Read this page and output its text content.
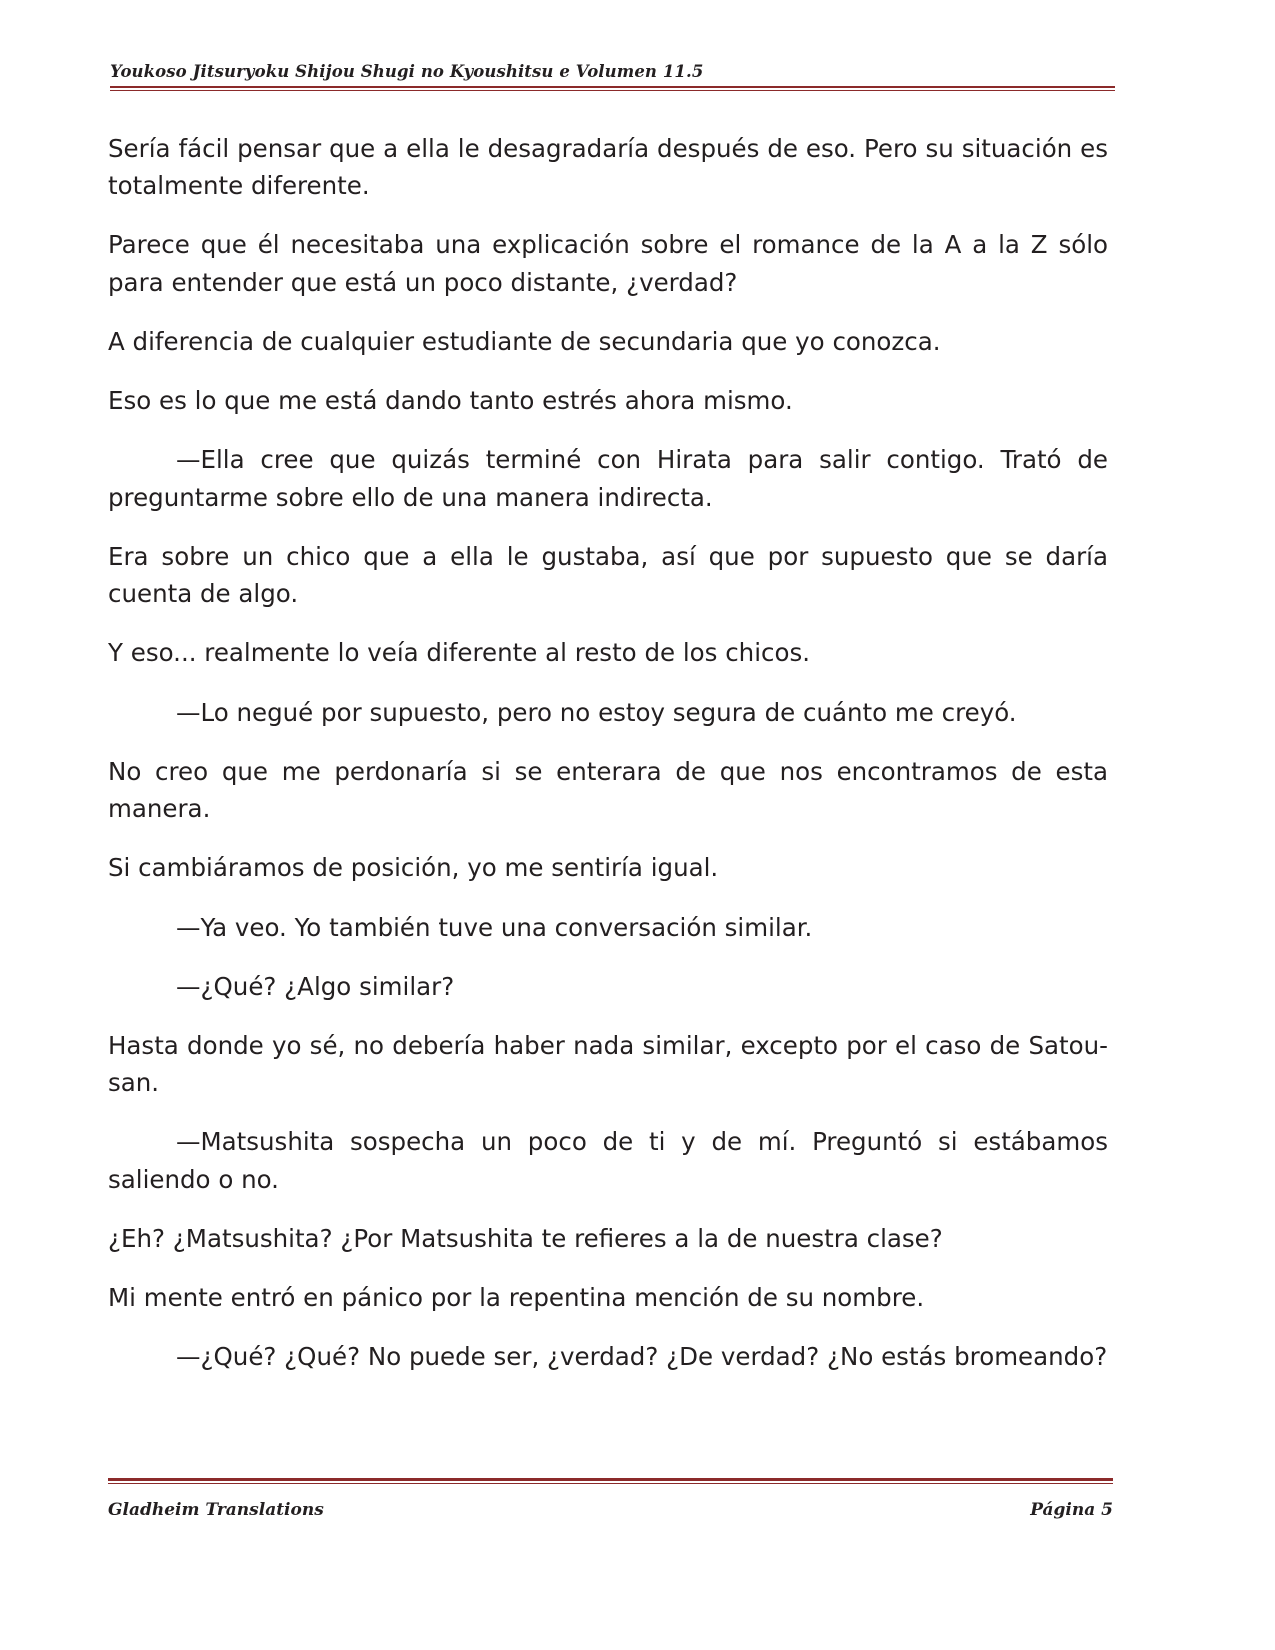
Youkoso Jitsuryoku Shijou Shugi no Kyoushitsu e Volumen 11.5

Sería fácil pensar que a ella le desagradaría después de eso. Pero su situación es totalmente diferente.

Parece que él necesitaba una explicación sobre el romance de la A a la Z sólo para entender que está un poco distante, ¿verdad?

A diferencia de cualquier estudiante de secundaria que yo conozca.

Eso es lo que me está dando tanto estrés ahora mismo.

—Ella cree que quizás terminé con Hirata para salir contigo. Trató de preguntarme sobre ello de una manera indirecta.

Era sobre un chico que a ella le gustaba, así que por supuesto que se daría cuenta de algo.

Y eso... realmente lo veía diferente al resto de los chicos.

—Lo negué por supuesto, pero no estoy segura de cuánto me creyó.

No creo que me perdonaría si se enterara de que nos encontramos de esta manera.

Si cambiáramos de posición, yo me sentiría igual.

—Ya veo. Yo también tuve una conversación similar.

—¿Qué? ¿Algo similar?

Hasta donde yo sé, no debería haber nada similar, excepto por el caso de Satou-san.

—Matsushita sospecha un poco de ti y de mí. Preguntó si estábamos saliendo o no.

¿Eh? ¿Matsushita? ¿Por Matsushita te refieres a la de nuestra clase?

Mi mente entró en pánico por la repentina mención de su nombre.

—¿Qué? ¿Qué? No puede ser, ¿verdad? ¿De verdad? ¿No estás bromeando?

Gladheim Translations	Página 5
